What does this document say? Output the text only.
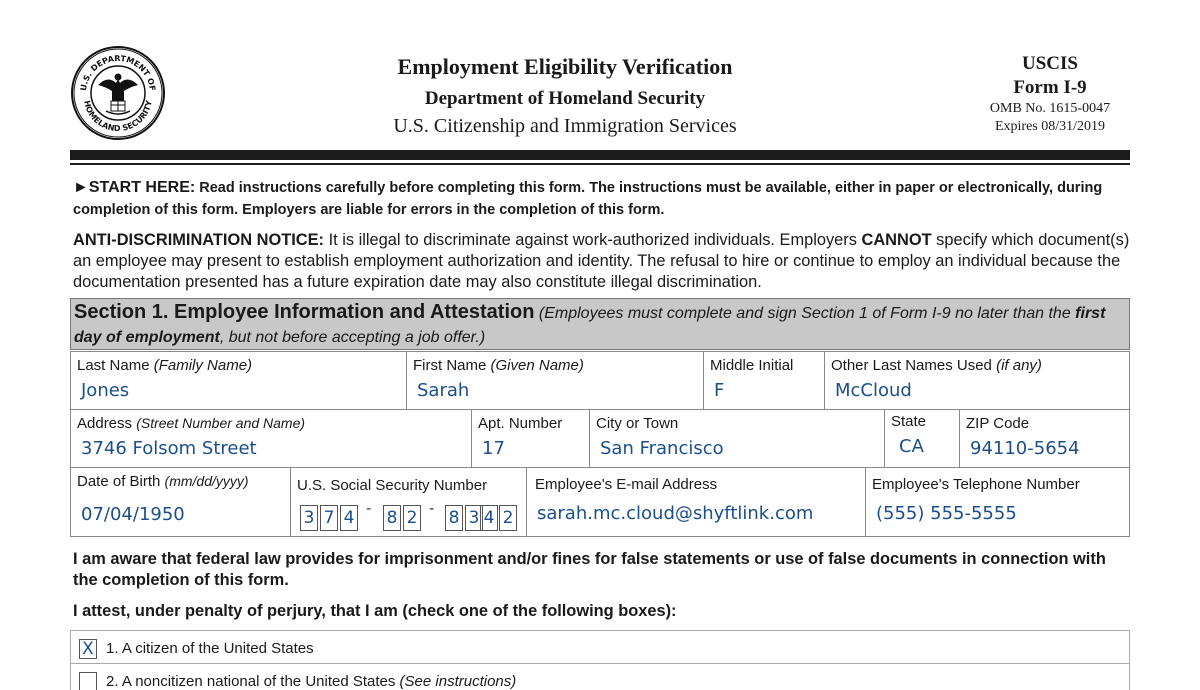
U.S. DEPARTMENT OF
HOMELAND SECURITY
Employment Eligibility Verification
Department of Homeland Security
U.S. Citizenship and Immigration Services
USCIS
Form I-9
OMB No. 1615-0047
Expires 08/31/2019
►START HERE: Read instructions carefully before completing this form. The instructions must be available, either in paper or electronically, during completion of this form. Employers are liable for errors in the completion of this form.
ANTI-DISCRIMINATION NOTICE: It is illegal to discriminate against work-authorized individuals. Employers CANNOT specify which document(s) an employee may present to establish employment authorization and identity. The refusal to hire or continue to employ an individual because the documentation presented has a future expiration date may also constitute illegal discrimination.
Section 1. Employee Information and Attestation (Employees must complete and sign Section 1 of Form I-9 no later than the first day of employment, but not before accepting a job offer.)
Last Name (Family Name)
Jones
First Name (Given Name)
Sarah
Middle Initial
F
Other Last Names Used (if any)
McCloud
Address (Street Number and Name)
3746 Folsom Street
Apt. Number
17
City or Town
San Francisco
State
CA
ZIP Code
94110-5654
Date of Birth (mm/dd/yyyy)
07/04/1950
U.S. Social Security Number
3 7 4 - 8 2 - 8 3 4 2
Employee's E-mail Address
sarah.mc.cloud@shyftlink.com
Employee's Telephone Number
(555) 555-5555
I am aware that federal law provides for imprisonment and/or fines for false statements or use of false documents in connection with the completion of this form.
I attest, under penalty of perjury, that I am (check one of the following boxes):
X 1. A citizen of the United States
2. A noncitizen national of the United States (See instructions)
